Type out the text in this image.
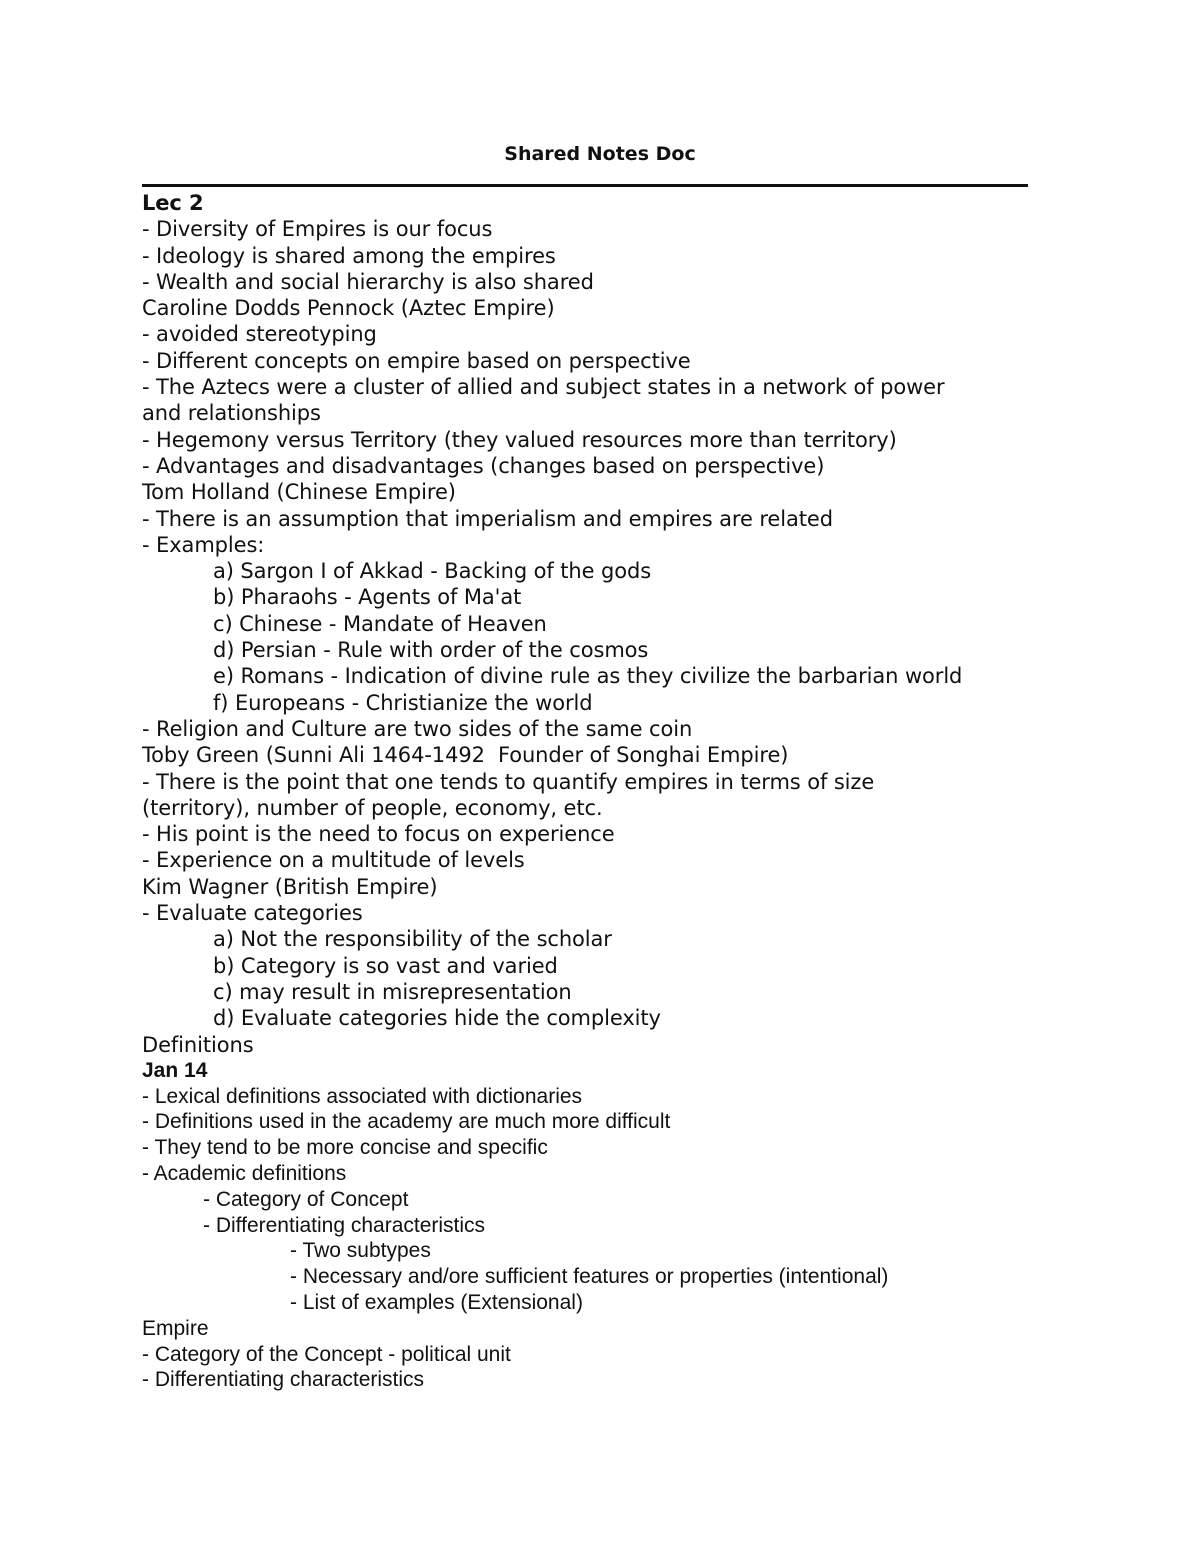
Shared Notes Doc
Lec 2
- Diversity of Empires is our focus
- Ideology is shared among the empires
- Wealth and social hierarchy is also shared
Caroline Dodds Pennock (Aztec Empire)
- avoided stereotyping
- Different concepts on empire based on perspective
- The Aztecs were a cluster of allied and subject states in a network of power
and relationships
- Hegemony versus Territory (they valued resources more than territory)
- Advantages and disadvantages (changes based on perspective)
Tom Holland (Chinese Empire)
- There is an assumption that imperialism and empires are related
- Examples:
a) Sargon I of Akkad - Backing of the gods
b) Pharaohs - Agents of Ma'at
c) Chinese - Mandate of Heaven
d) Persian - Rule with order of the cosmos
e) Romans - Indication of divine rule as they civilize the barbarian world
f) Europeans - Christianize the world
- Religion and Culture are two sides of the same coin
Toby Green (Sunni Ali 1464-1492  Founder of Songhai Empire)
- There is the point that one tends to quantify empires in terms of size
(territory), number of people, economy, etc.
- His point is the need to focus on experience
- Experience on a multitude of levels
Kim Wagner (British Empire)
- Evaluate categories
a) Not the responsibility of the scholar
b) Category is so vast and varied
c) may result in misrepresentation
d) Evaluate categories hide the complexity
Definitions
Jan 14
- Lexical definitions associated with dictionaries
- Definitions used in the academy are much more difficult
- They tend to be more concise and specific
- Academic definitions
- Category of Concept
- Differentiating characteristics
- Two subtypes
- Necessary and/ore sufficient features or properties (intentional)
- List of examples (Extensional)
Empire
- Category of the Concept - political unit
- Differentiating characteristics
